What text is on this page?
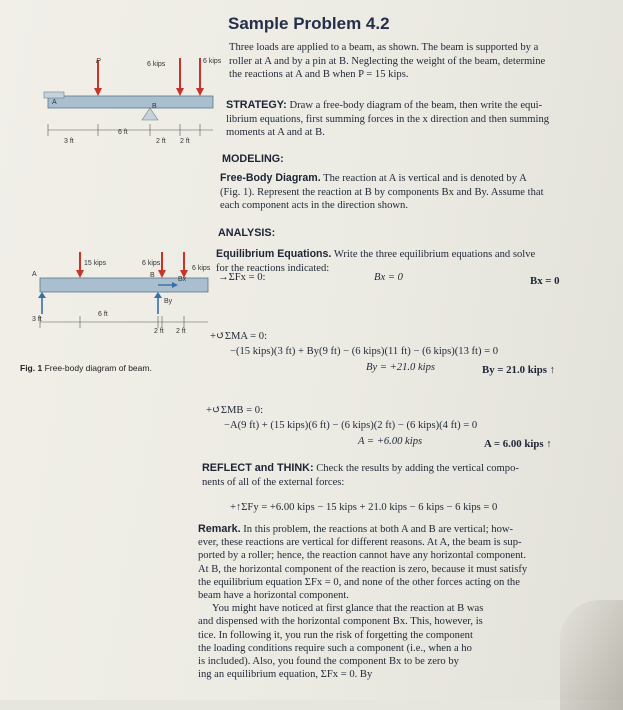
Sample Problem 4.2
P	6 kips	6 kips
A
B
3 ft
6 ft
2 ft 2 ft
Three loads are applied to a beam, as shown. The beam is supported by a
roller at A and by a pin at B. Neglecting the weight of the beam, determine
the reactions at A and B when P = 15 kips.
STRATEGY: Draw a free-body diagram of the beam, then write the equi-
librium equations, first summing forces in the x direction and then summing
moments at A and at B.
MODELING:
Free-Body Diagram. The reaction at A is vertical and is denoted by A
(Fig. 1). Represent the reaction at B by components Bx and By. Assume that
each component acts in the direction shown.
ANALYSIS:
Equilibrium Equations. Write the three equilibrium equations and solve
for the reactions indicated:
15 kips	6 kips
6 kips
A	B
Bx
By
3 ft
6 ft
2 ft 2 ft
Fig. 1 Free-body diagram of beam.
→ΣFx = 0:	Bx = 0	Bx = 0
+↺ΣMA = 0:
−(15 kips)(3 ft) + By(9 ft) − (6 kips)(11 ft) − (6 kips)(13 ft) = 0
By = +21.0 kips	By = 21.0 kips ↑
+↺ΣMB = 0:
−A(9 ft) + (15 kips)(6 ft) − (6 kips)(2 ft) − (6 kips)(4 ft) = 0
A = +6.00 kips	A = 6.00 kips ↑
REFLECT and THINK: Check the results by adding the vertical compo-
nents of all of the external forces:
+↑ΣFy = +6.00 kips − 15 kips + 21.0 kips − 6 kips − 6 kips = 0
Remark. In this problem, the reactions at both A and B are vertical; how-
ever, these reactions are vertical for different reasons. At A, the beam is sup-
ported by a roller; hence, the reaction cannot have any horizontal component.
At B, the horizontal component of the reaction is zero, because it must satisfy
the equilibrium equation ΣFx = 0, and none of the other forces acting on the
beam have a horizontal component.
You might have noticed at first glance that the reaction at B was
and dispensed with the horizontal component Bx. This, however, is
tice. In following it, you run the risk of forgetting the component
the loading conditions require such a component (i.e., when a ho
is included). Also, you found the component Bx to be zero by
ing an equilibrium equation, ΣFx = 0. By
